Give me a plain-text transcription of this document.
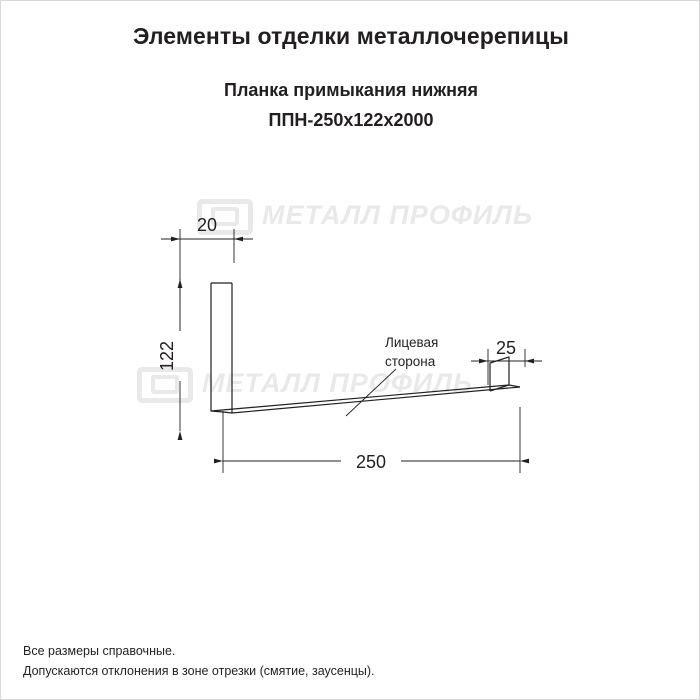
Элементы отделки металлочерепицы
Планка примыкания нижняя
ППН-250x122x2000
МЕТАЛЛ ПРОФИЛЬ
МЕТАЛЛ ПРОФИЛЬ
20
122
250
25
Лицевая
сторона
Все размеры справочные.
Допускаются отклонения в зоне отрезки (смятие, заусенцы).
